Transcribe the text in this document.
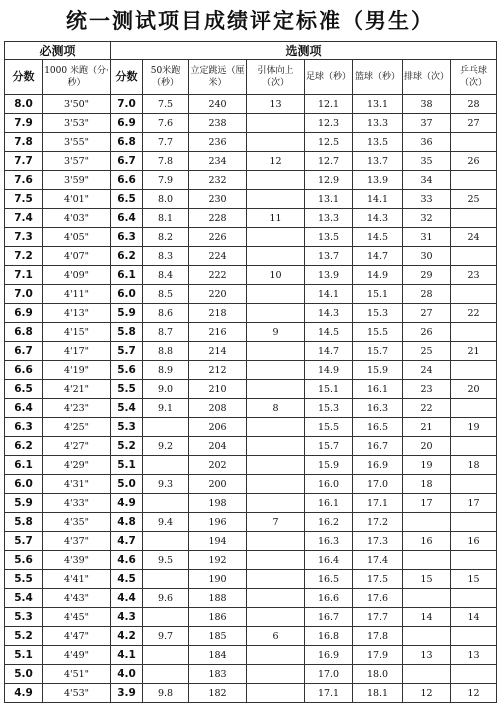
统一测试项目成绩评定标准（男生）
必测项		选测项							
分数	1000 米跑（分·秒）	分数	50米跑（秒）	立定跳远（厘米）	引体向上（次）	足球（秒）	篮球（秒）	排球（次）	乒乓球（次）
8.0	3'50"	7.0	7.5	240	13	12.1	13.1	38	28
7.9	3'53"	6.9	7.6	238		12.3	13.3	37	27
7.8	3'55"	6.8	7.7	236		12.5	13.5	36	
7.7	3'57"	6.7	7.8	234	12	12.7	13.7	35	26
7.6	3'59"	6.6	7.9	232		12.9	13.9	34	
7.5	4'01"	6.5	8.0	230		13.1	14.1	33	25
7.4	4'03"	6.4	8.1	228	11	13.3	14.3	32	
7.3	4'05"	6.3	8.2	226		13.5	14.5	31	24
7.2	4'07"	6.2	8.3	224		13.7	14.7	30	
7.1	4'09"	6.1	8.4	222	10	13.9	14.9	29	23
7.0	4'11"	6.0	8.5	220		14.1	15.1	28	
6.9	4'13"	5.9	8.6	218		14.3	15.3	27	22
6.8	4'15"	5.8	8.7	216	9	14.5	15.5	26	
6.7	4'17"	5.7	8.8	214		14.7	15.7	25	21
6.6	4'19"	5.6	8.9	212		14.9	15.9	24	
6.5	4'21"	5.5	9.0	210		15.1	16.1	23	20
6.4	4'23"	5.4	9.1	208	8	15.3	16.3	22	
6.3	4'25"	5.3		206		15.5	16.5	21	19
6.2	4'27"	5.2	9.2	204		15.7	16.7	20	
6.1	4'29"	5.1		202		15.9	16.9	19	18
6.0	4'31"	5.0	9.3	200		16.0	17.0	18	
5.9	4'33"	4.9		198		16.1	17.1	17	17
5.8	4'35"	4.8	9.4	196	7	16.2	17.2		
5.7	4'37"	4.7		194		16.3	17.3	16	16
5.6	4'39"	4.6	9.5	192		16.4	17.4		
5.5	4'41"	4.5		190		16.5	17.5	15	15
5.4	4'43"	4.4	9.6	188		16.6	17.6		
5.3	4'45"	4.3		186		16.7	17.7	14	14
5.2	4'47"	4.2	9.7	185	6	16.8	17.8		
5.1	4'49"	4.1		184		16.9	17.9	13	13
5.0	4'51"	4.0		183		17.0	18.0		
4.9	4'53"	3.9	9.8	182		17.1	18.1	12	12
